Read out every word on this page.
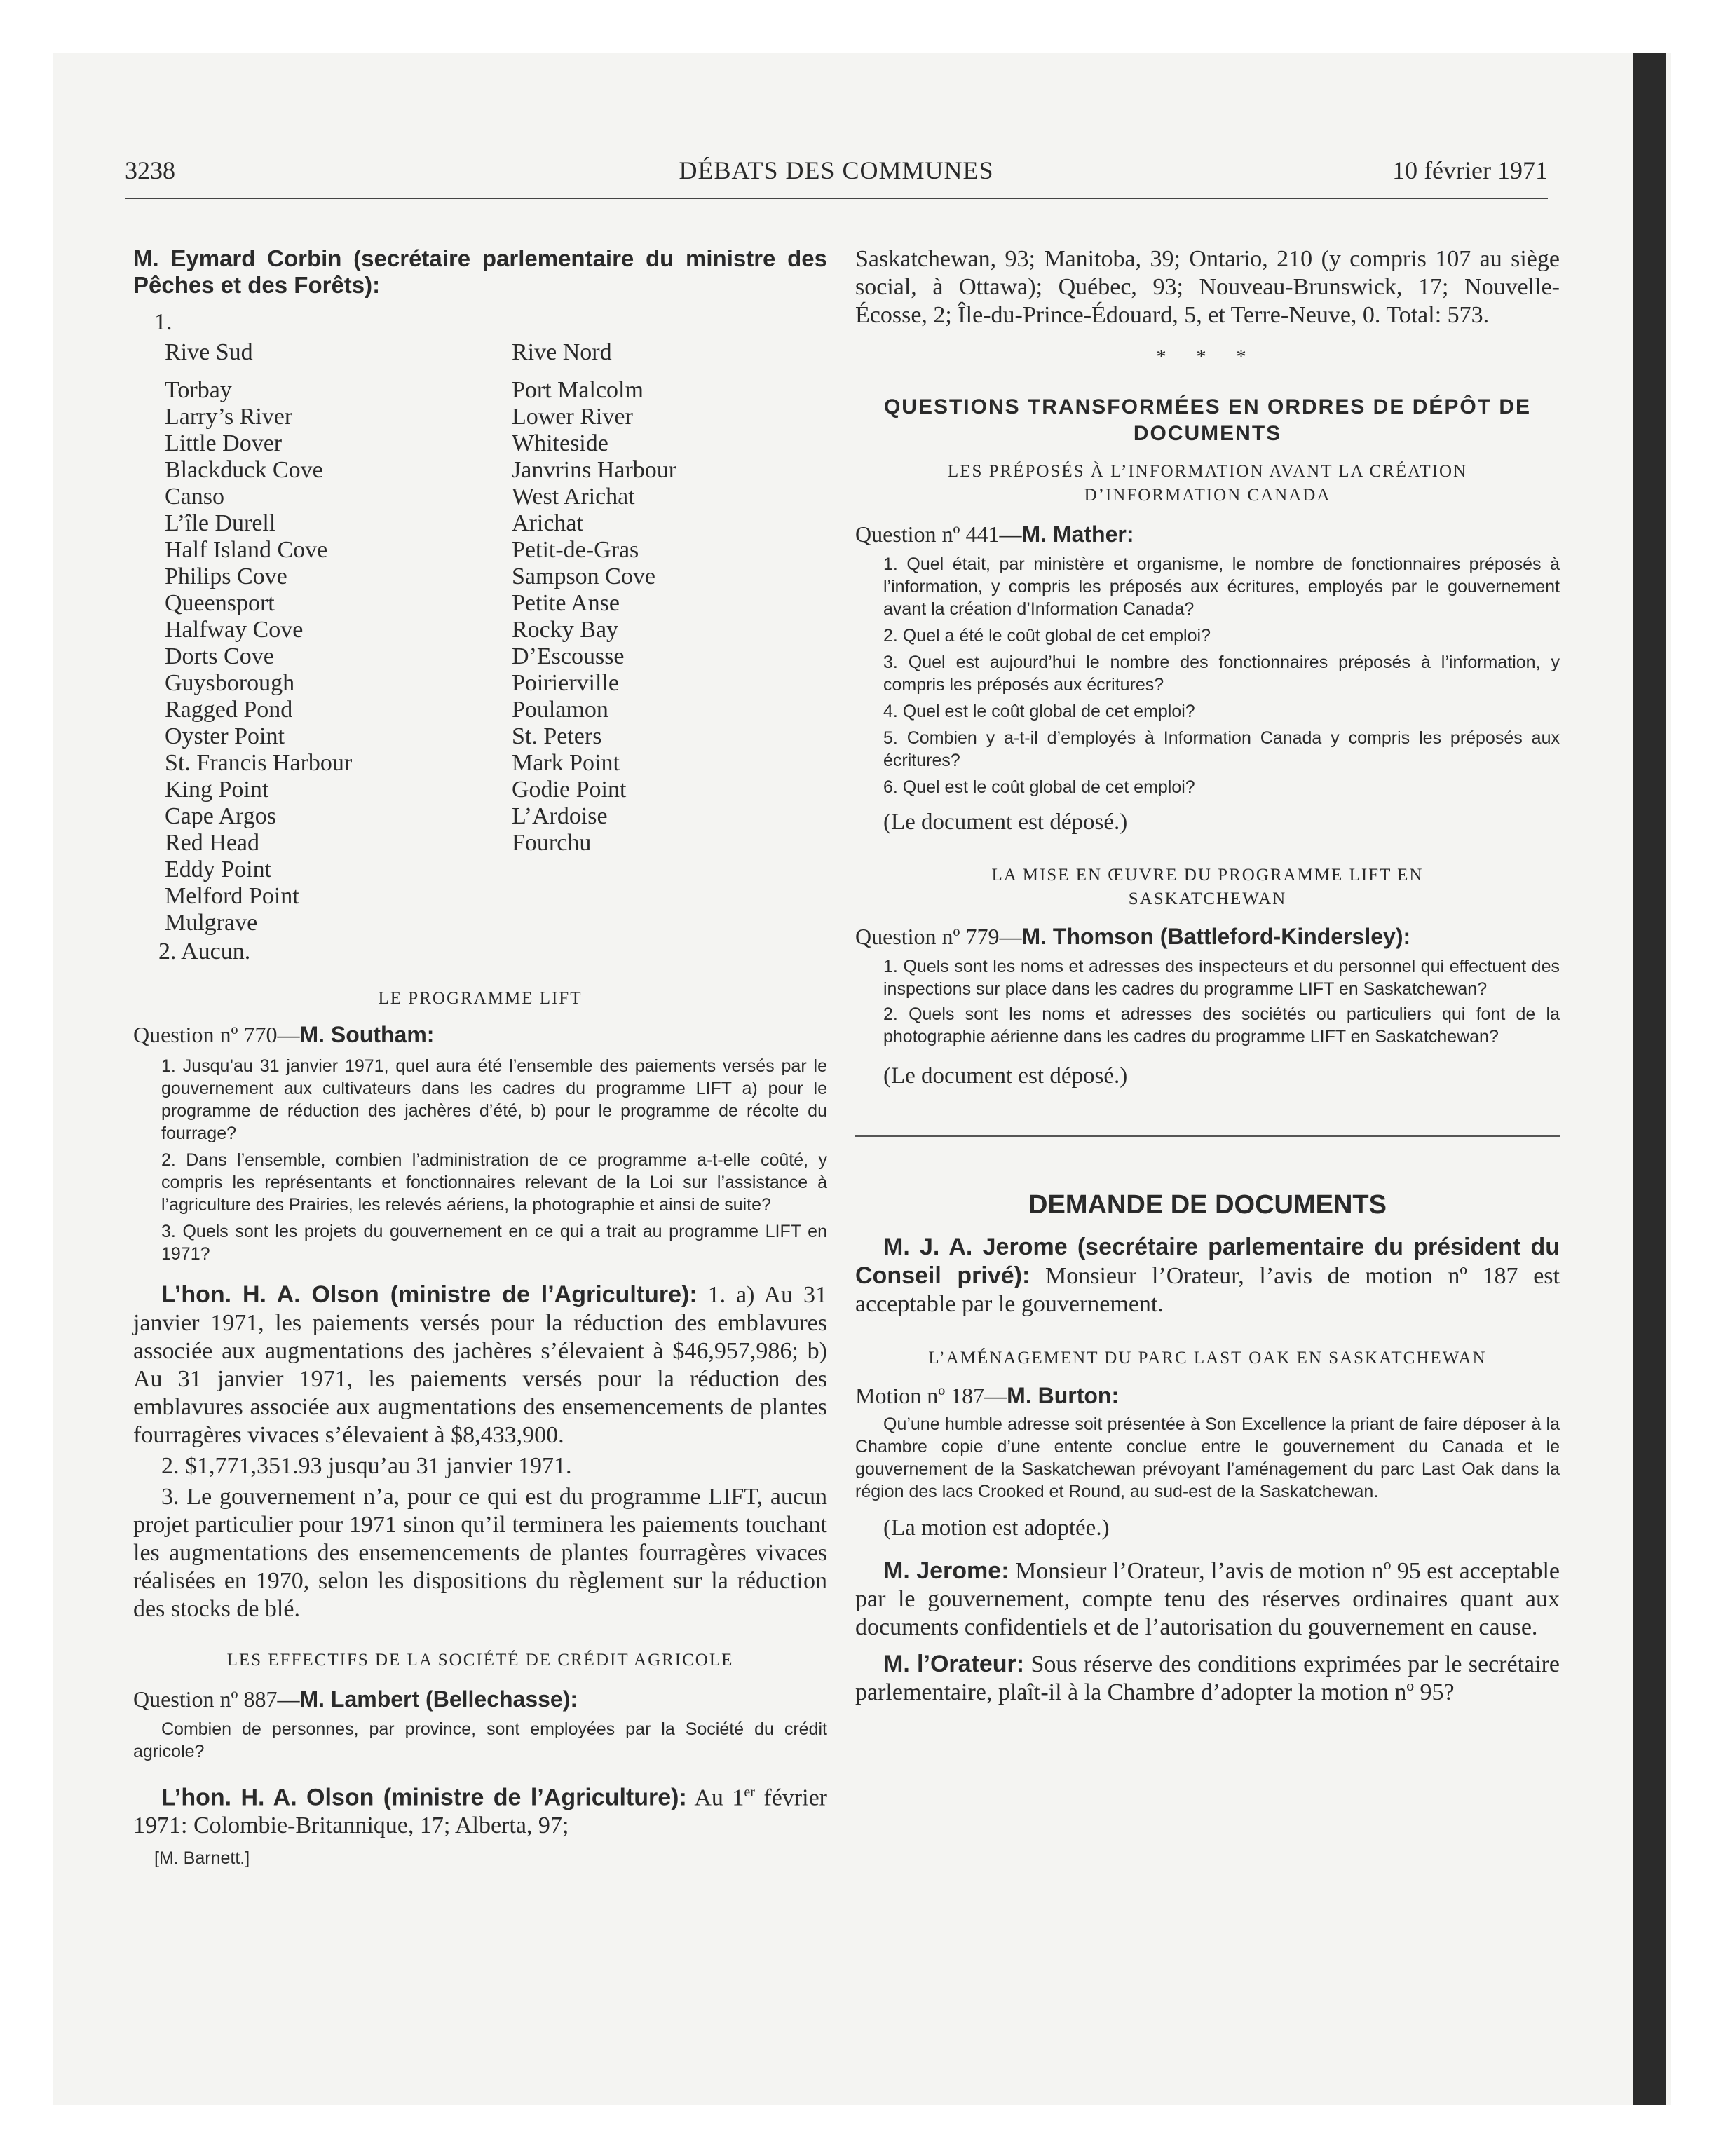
3238	DÉBATS DES COMMUNES	10 février 1971

M. Eymard Corbin (secrétaire parlementaire du ministre des Pêches et des Forêts):

1.

Rive Sud
Torbay
Larry’s River
Little Dover
Blackduck Cove
Canso
L’île Durell
Half Island Cove
Philips Cove
Queensport
Halfway Cove
Dorts Cove
Guysborough
Ragged Pond
Oyster Point
St. Francis Harbour
King Point
Cape Argos
Red Head
Eddy Point
Melford Point
Mulgrave
Rive Nord
Port Malcolm
Lower River
Whiteside
Janvrins Harbour
West Arichat
Arichat
Petit-de-Gras
Sampson Cove
Petite Anse
Rocky Bay
D’Escousse
Poirierville
Poulamon
St. Peters
Mark Point
Godie Point
L’Ardoise
Fourchu

2. Aucun.

LE PROGRAMME LIFT

Question nº 770—M. Southam:

1. Jusqu’au 31 janvier 1971, quel aura été l’ensemble des paiements versés par le gouvernement aux cultivateurs dans les cadres du programme LIFT a) pour le programme de réduction des jachères d’été, b) pour le programme de récolte du fourrage?
2. Dans l’ensemble, combien l’administration de ce programme a-t-elle coûté, y compris les représentants et fonctionnaires relevant de la Loi sur l’assistance à l’agriculture des Prairies, les relevés aériens, la photographie et ainsi de suite?
3. Quels sont les projets du gouvernement en ce qui a trait au programme LIFT en 1971?

L’hon. H. A. Olson (ministre de l’Agriculture): 1. a) Au 31 janvier 1971, les paiements versés pour la réduction des emblavures associée aux augmentations des jachères s’élevaient à $46,957,986; b) Au 31 janvier 1971, les paiements versés pour la réduction des emblavures associée aux augmentations des ensemencements de plantes fourragères vivaces s’élevaient à $8,433,900.

2. $1,771,351.93 jusqu’au 31 janvier 1971.

3. Le gouvernement n’a, pour ce qui est du programme LIFT, aucun projet particulier pour 1971 sinon qu’il terminera les paiements touchant les augmentations des ensemencements de plantes fourragères vivaces réalisées en 1970, selon les dispositions du règlement sur la réduction des stocks de blé.

LES EFFECTIFS DE LA SOCIÉTÉ DE CRÉDIT AGRICOLE

Question nº 887—M. Lambert (Bellechasse):

Combien de personnes, par province, sont employées par la Société du crédit agricole?

L’hon. H. A. Olson (ministre de l’Agriculture): Au 1er février 1971: Colombie-Britannique, 17; Alberta, 97;

[M. Barnett.]

Saskatchewan, 93; Manitoba, 39; Ontario, 210 (y compris 107 au siège social, à Ottawa); Québec, 93; Nouveau-Brunswick, 17; Nouvelle-Écosse, 2; Île-du-Prince-Édouard, 5, et Terre-Neuve, 0. Total: 573.

* * *

QUESTIONS TRANSFORMÉES EN ORDRES DE DÉPÔT DE DOCUMENTS

LES PRÉPOSÉS À L’INFORMATION AVANT LA CRÉATION D’INFORMATION CANADA

Question nº 441—M. Mather:

1. Quel était, par ministère et organisme, le nombre de fonctionnaires préposés à l’information, y compris les préposés aux écritures, employés par le gouvernement avant la création d’Information Canada?
2. Quel a été le coût global de cet emploi?
3. Quel est aujourd’hui le nombre des fonctionnaires préposés à l’information, y compris les préposés aux écritures?
4. Quel est le coût global de cet emploi?
5. Combien y a-t-il d’employés à Information Canada y compris les préposés aux écritures?
6. Quel est le coût global de cet emploi?

(Le document est déposé.)

LA MISE EN ŒUVRE DU PROGRAMME LIFT EN SASKATCHEWAN

Question nº 779—M. Thomson (Battleford-Kindersley):

1. Quels sont les noms et adresses des inspecteurs et du personnel qui effectuent des inspections sur place dans les cadres du programme LIFT en Saskatchewan?
2. Quels sont les noms et adresses des sociétés ou particuliers qui font de la photographie aérienne dans les cadres du programme LIFT en Saskatchewan?

(Le document est déposé.)

DEMANDE DE DOCUMENTS

M. J. A. Jerome (secrétaire parlementaire du président du Conseil privé): Monsieur l’Orateur, l’avis de motion nº 187 est acceptable par le gouvernement.

L’AMÉNAGEMENT DU PARC LAST OAK EN SASKATCHEWAN

Motion nº 187—M. Burton:

Qu’une humble adresse soit présentée à Son Excellence la priant de faire déposer à la Chambre copie d’une entente conclue entre le gouvernement du Canada et le gouvernement de la Saskatchewan prévoyant l’aménagement du parc Last Oak dans la région des lacs Crooked et Round, au sud-est de la Saskatchewan.

(La motion est adoptée.)

M. Jerome: Monsieur l’Orateur, l’avis de motion nº 95 est acceptable par le gouvernement, compte tenu des réserves ordinaires quant aux documents confidentiels et de l’autorisation du gouvernement en cause.

M. l’Orateur: Sous réserve des conditions exprimées par le secrétaire parlementaire, plaît-il à la Chambre d’adopter la motion nº 95?
